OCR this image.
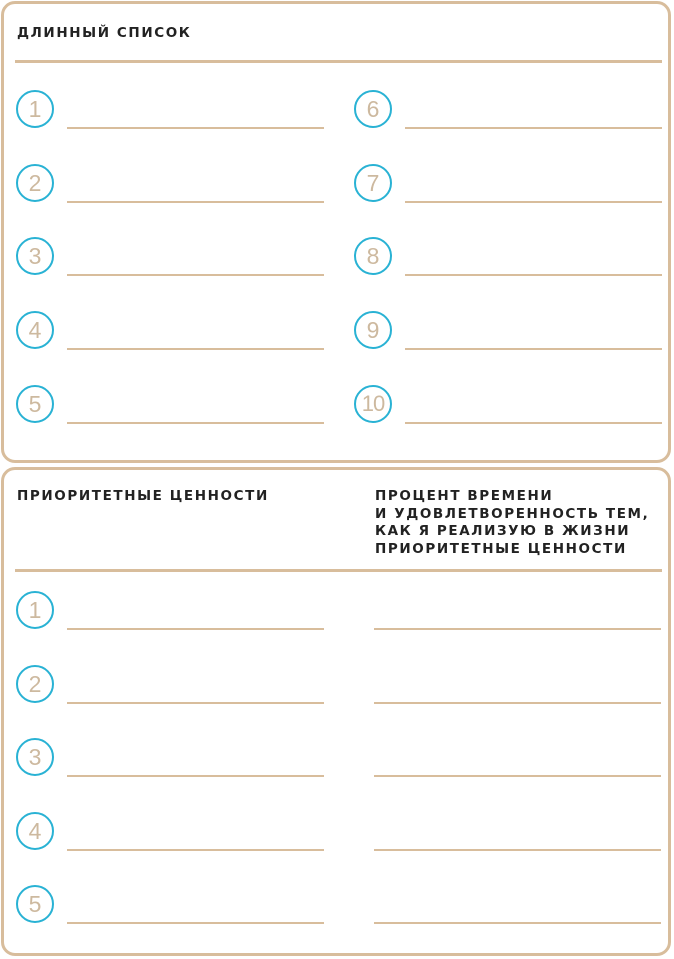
ДЛИННЫЙ СПИСОК
ПРИОРИТЕТНЫЕ ЦЕННОСТИ	ПРОЦЕНТ ВРЕМЕНИ
И УДОВЛЕТВОРЕННОСТЬ ТЕМ,
КАК Я РЕАЛИЗУЮ В ЖИЗНИ
ПРИОРИТЕТНЫЕ ЦЕННОСТИ
1
2
3
4
5
6
7
8
9
10
1
2
3
4
5
